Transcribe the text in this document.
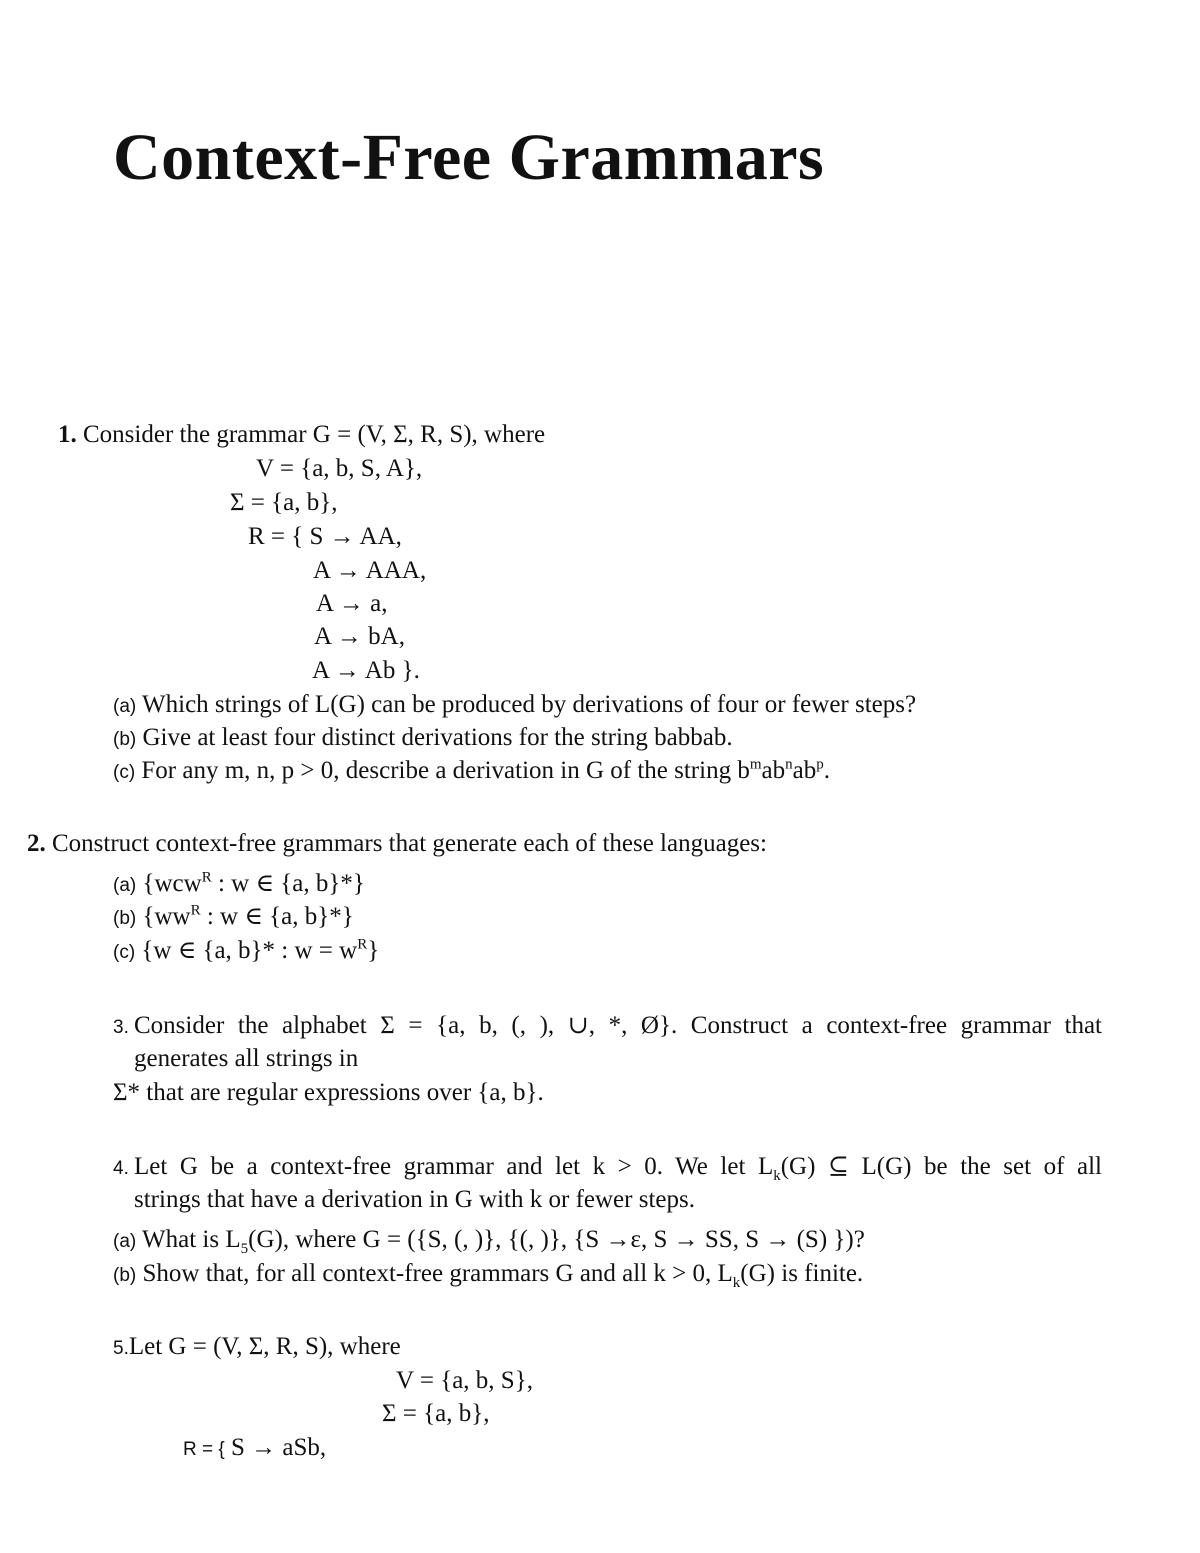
Context-Free Grammars
1. Consider the grammar G = (V, Σ, R, S), where
V = {a, b, S, A},
Σ = {a, b},
R = { S → AA,
A → AAA,
A → a,
A → bA,
A → Ab }.
(a) Which strings of L(G) can be produced by derivations of four or fewer steps?
(b) Give at least four distinct derivations for the string babbab.
(c) For any m, n, p > 0, describe a derivation in G of the string $b^mab^nab^p$.
2. Construct context-free grammars that generate each of these languages:
(a) {wcw$^R$ : w ∈ {a, b}*}
(b) {$ww^R$ : w ∈ {a, b}*}
(c) {w ∈ {a, b}* : $w = w^R$}
3. Consider the alphabet Σ = {a, b, (, ), ∪, *, Ø}. Construct a context-free grammar that
generates all strings in
Σ* that are regular expressions over {a, b}.
4. Let G be a context-free grammar and let k > 0. We let $L_k(G)$ ⊆ L(G) be the set of all
strings that have a derivation in G with k or fewer steps.
(a) What is $L_5(G)$, where G = ({S, (, )}, {(, )}, {S →ε, S → SS, S → (S) })?
(b) Show that, for all context-free grammars G and all k > 0, $L_k(G)$ is finite.
5.Let G = (V, Σ, R, S), where
V = {a, b, S},
Σ = {a, b},
R = { S → aSb,
